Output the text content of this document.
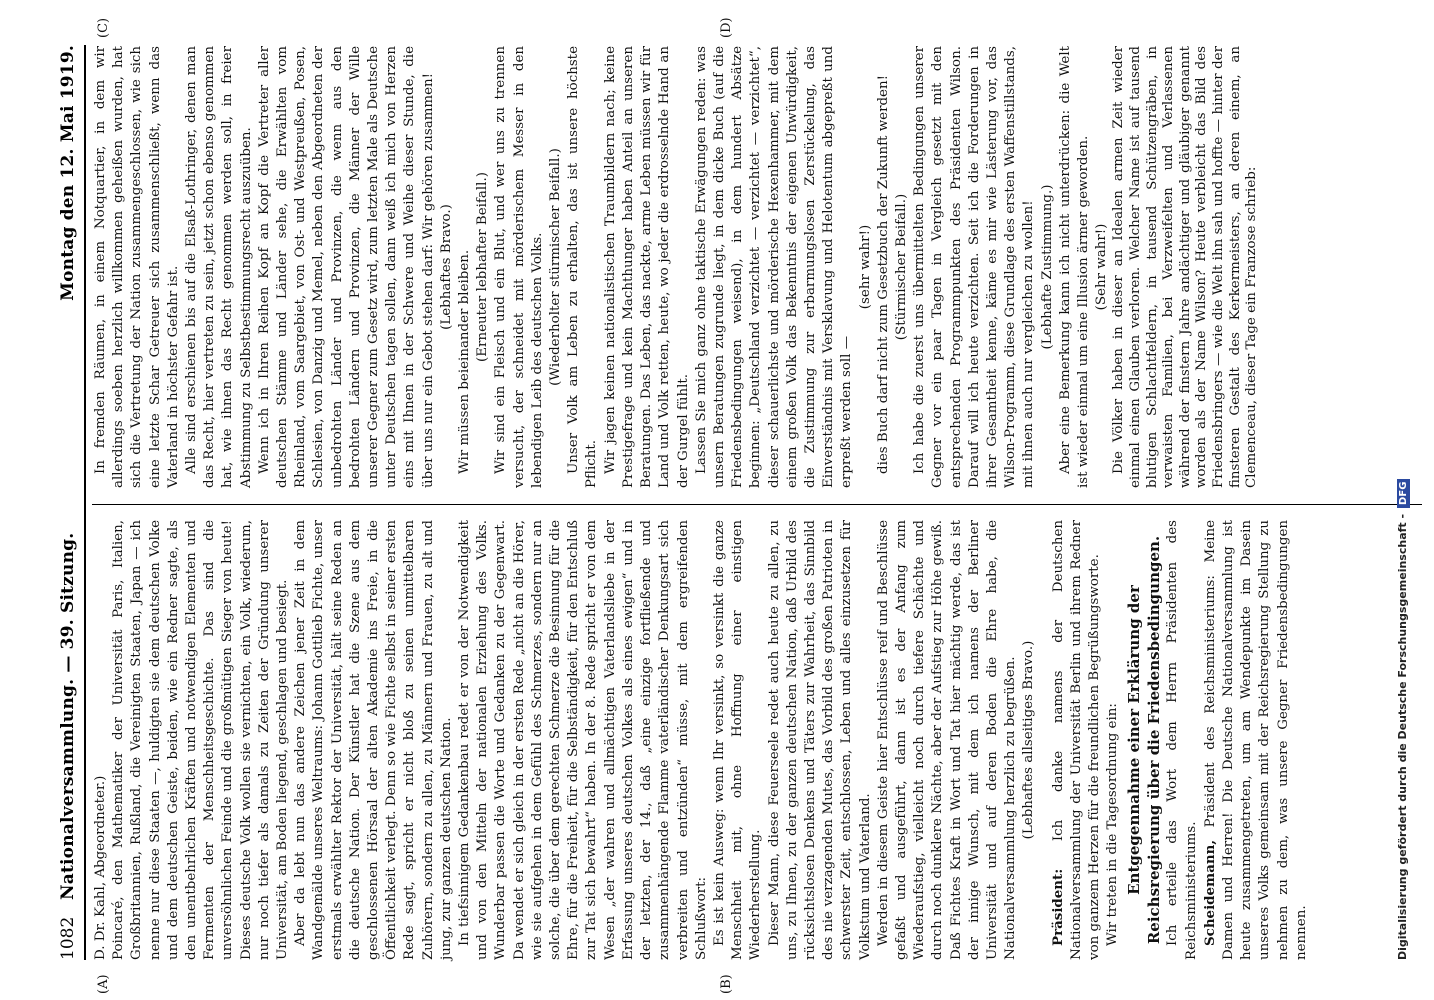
1082
Nationalversammlung. — 39. Sitzung.
Montag den 12. Mai 1919.
(A)	(B)
(C)	(D)

D. Dr. Kahl, Abgeordneter.) Poincaré, den Mathematiker der Universität Paris, Italien, Großbritannien, Rußland, die Vereinigten Staaten, Japan — ich nenne nur diese Staaten —, huldigten sie dem deutschen Volke und dem deutschen Geiste, beiden, wie ein Redner sagte, als den unentbehrlichen Kräften und notwendigen Elementen und Fermenten der Menschheitsgeschichte. Das sind die unversöhnlichen Feinde und die großmütigen Sieger von heute! Dieses deutsche Volk wollen sie vernichten, ein Volk, wiederum, nur noch tiefer als damals zu Zeiten der Gründung unserer Universität, am Boden liegend, geschlagen und besiegt. Aber da lebt nun das andere Zeichen jener Zeit in dem Wandgemälde unseres Weltraums: Johann Gottlieb Fichte, unser erstmals erwählter Rektor der Universität, hält seine Reden an die deutsche Nation. Der Künstler hat die Szene aus dem geschlossenen Hörsaal der alten Akademie ins Freie, in die Öffentlichkeit verlegt. Denn so wie Fichte selbst in seiner ersten Rede sagt, spricht er nicht bloß zu seinen unmittelbaren Zuhörern, sondern zu allen, zu Männern und Frauen, zu alt und jung, zur ganzen deutschen Nation. In tiefsinnigem Gedankenbau redet er von der Notwendigkeit und von den Mitteln der nationalen Erziehung des Volks. Wunderbar passen die Worte und Gedanken zu der Gegenwart. Da wendet er sich gleich in der ersten Rede „nicht an die Hörer, wie sie aufgehen in dem Gefühl des Schmerzes, sondern nur an solche, die über dem gerechten Schmerze die Besinnung für die Ehre, für die Freiheit, für die Selbständigkeit, für den Entschluß zur Tat sich bewahrt“ haben. In der 8. Rede spricht er von dem Wesen „der wahren und allmächtigen Vaterlandsliebe in der Erfassung unseres deutschen Volkes als eines ewigen“ und in der letzten, der 14., daß „eine einzige fortfließende und zusammenhängende Flamme vaterländischer Denkungsart sich verbreiten und entzünden“ müsse, mit dem ergreifenden Schlußwort: Es ist kein Ausweg: wenn Ihr versinkt, so versinkt die ganze Menschheit mit, ohne Hoffnung einer einstigen Wiederherstellung. Dieser Mann, diese Feuerseele redet auch heute zu allen, zu uns, zu Ihnen, zu der ganzen deutschen Nation, daß Urbild des rücksichtslosen Denkens und Täters zur Wahrheit, das Sinnbild des nie verzagenden Mutes, das Vorbild des großen Patrioten in schwerster Zeit, entschlossen, Leben und alles einzusetzen für Volkstum und Vaterland. Werden in diesem Geiste hier Entschlüsse reif und Beschlüsse gefaßt und ausgeführt, dann ist es der Anfang zum Wiederaufstieg, vielleicht noch durch tiefere Schächte und durch noch dunklere Nächte, aber der Aufstieg zur Höhe gewiß. Daß Fichtes Kraft in Wort und Tat hier mächtig werde, das ist der innige Wunsch, mit dem ich namens der Berliner Universität und auf deren Boden die Ehre habe, die Nationalversammlung herzlich zu begrüßen. (Lebhaftes allseitiges Bravo.)

Präsident: Ich danke namens der Deutschen Nationalversammlung der Universität Berlin und ihrem Redner von ganzem Herzen für die freundlichen Begrüßungsworte. Wir treten in die Tagesordnung ein: Entgegennahme einer Erklärung der Reichsregierung über die Friedensbedingungen. Ich erteile das Wort dem Herrn Präsidenten des Reichsministeriums. Scheidemann, Präsident des Reichsministeriums: Meine Damen und Herren! Die Deutsche Nationalversammlung ist heute zusammengetreten, um am Wendepunkte im Dasein unseres Volks gemeinsam mit der Reichsregierung Stellung zu nehmen zu dem, was unsere Gegner Friedensbedingungen nennen.

In fremden Räumen, in einem Notquartier, in dem wir allerdings soeben herzlich willkommen geheißen wurden, hat sich die Vertretung der Nation zusammengeschlossen, wie sich eine letzte Schar Getreuer sich zusammenschließt, wenn das Vaterland in höchster Gefahr ist. Alle sind erschienen bis auf die Elsaß-Lothringer, denen man das Recht, hier vertreten zu sein, jetzt schon ebenso genommen hat, wie ihnen das Recht genommen werden soll, in freier Abstimmung zu Selbstbestimmungsrecht auszuüben. Wenn ich in Ihren Reihen Kopf an Kopf die Vertreter aller deutschen Stämme und Länder sehe, die Erwählten vom Rheinland, vom Saargebiet, von Ost- und Westpreußen, Posen, Schlesien, von Danzig und Memel, neben den Abgeordneten der unbedrohten Länder und Provinzen, die wenn aus den bedrohten Ländern und Provinzen, die Männer der Wille unserer Gegner zum Gesetz wird, zum letzten Male als Deutsche unter Deutschen tagen sollen, dann weiß ich mich von Herzen eins mit Ihnen in der Schwere und Weihe dieser Stunde, die über uns nur ein Gebot stehen darf: Wir gehören zusammen! (Lebhaftes Bravo.) Wir müssen beieinander bleiben. (Erneuter lebhafter Beifall.) Wir sind ein Fleisch und ein Blut, und wer uns zu trennen versucht, der schneidet mit mörderischem Messer in den lebendigen Leib des deutschen Volks. (Wiederholter stürmischer Beifall.) Unser Volk am Leben zu erhalten, das ist unsere höchste Pflicht. Wir jagen keinen nationalistischen Traumbildern nach; keine Prestigefrage und kein Machthunger haben Anteil an unseren Beratungen. Das Leben, das nackte, arme Leben müssen wir für Land und Volk retten, heute, wo jeder die erdrosselnde Hand an der Gurgel fühlt. Lassen Sie mich ganz ohne taktische Erwägungen reden: was unsern Beratungen zugrunde liegt, in dem dicke Buch (auf die Friedensbedingungen weisend), in dem hundert Absätze beginnen: „Deutschland verzichtet — verzichtet — verzichtet“, dieser schauerlichste und mörderische Hexenhammer, mit dem einem großen Volk das Bekenntnis der eigenen Unwürdigkeit, die Zustimmung zur erbarmungslosen Zerstückelung, das Einverständnis mit Versklavung und Helotentum abgepreßt und erpreßt werden soll —

(sehr wahr!) dies Buch darf nicht zum Gesetzbuch der Zukunft werden! (Stürmischer Beifall.) Ich habe die zuerst uns übermittelten Bedingungen unserer Gegner vor ein paar Tagen in Vergleich gesetzt mit den entsprechenden Programmpunkten des Präsidenten Wilson. Darauf will ich heute verzichten. Seit ich die Forderungen in ihrer Gesamtheit kenne, käme es mir wie Lästerung vor, das Wilson-Programm, diese Grundlage des ersten Waffenstillstands, mit ihnen auch nur vergleichen zu wollen! (Lebhafte Zustimmung.) Aber eine Bemerkung kann ich nicht unterdrücken: die Welt ist wieder einmal um eine Illusion ärmer geworden. (Sehr wahr!) Die Völker haben in dieser an Idealen armen Zeit wieder einmal einen Glauben verloren. Welcher Name ist auf tausend blutigen Schlachtfeldern, in tausend Schützengräben, in verwaisten Familien, bei Verzweifelten und Verlassenen während der finstern Jahre andächtiger und gläubiger genannt worden als der Name Wilson? Heute verbleicht das Bild des Friedensbringers — wie die Welt ihn sah und hoffte — hinter der finsteren Gestalt des Kerkermeisters, an deren einem, an Clemenceau, dieser Tage ein Franzose schrieb:

Digitalisierung gefördert durch die Deutsche Forschungsgemeinschaft -DFG
